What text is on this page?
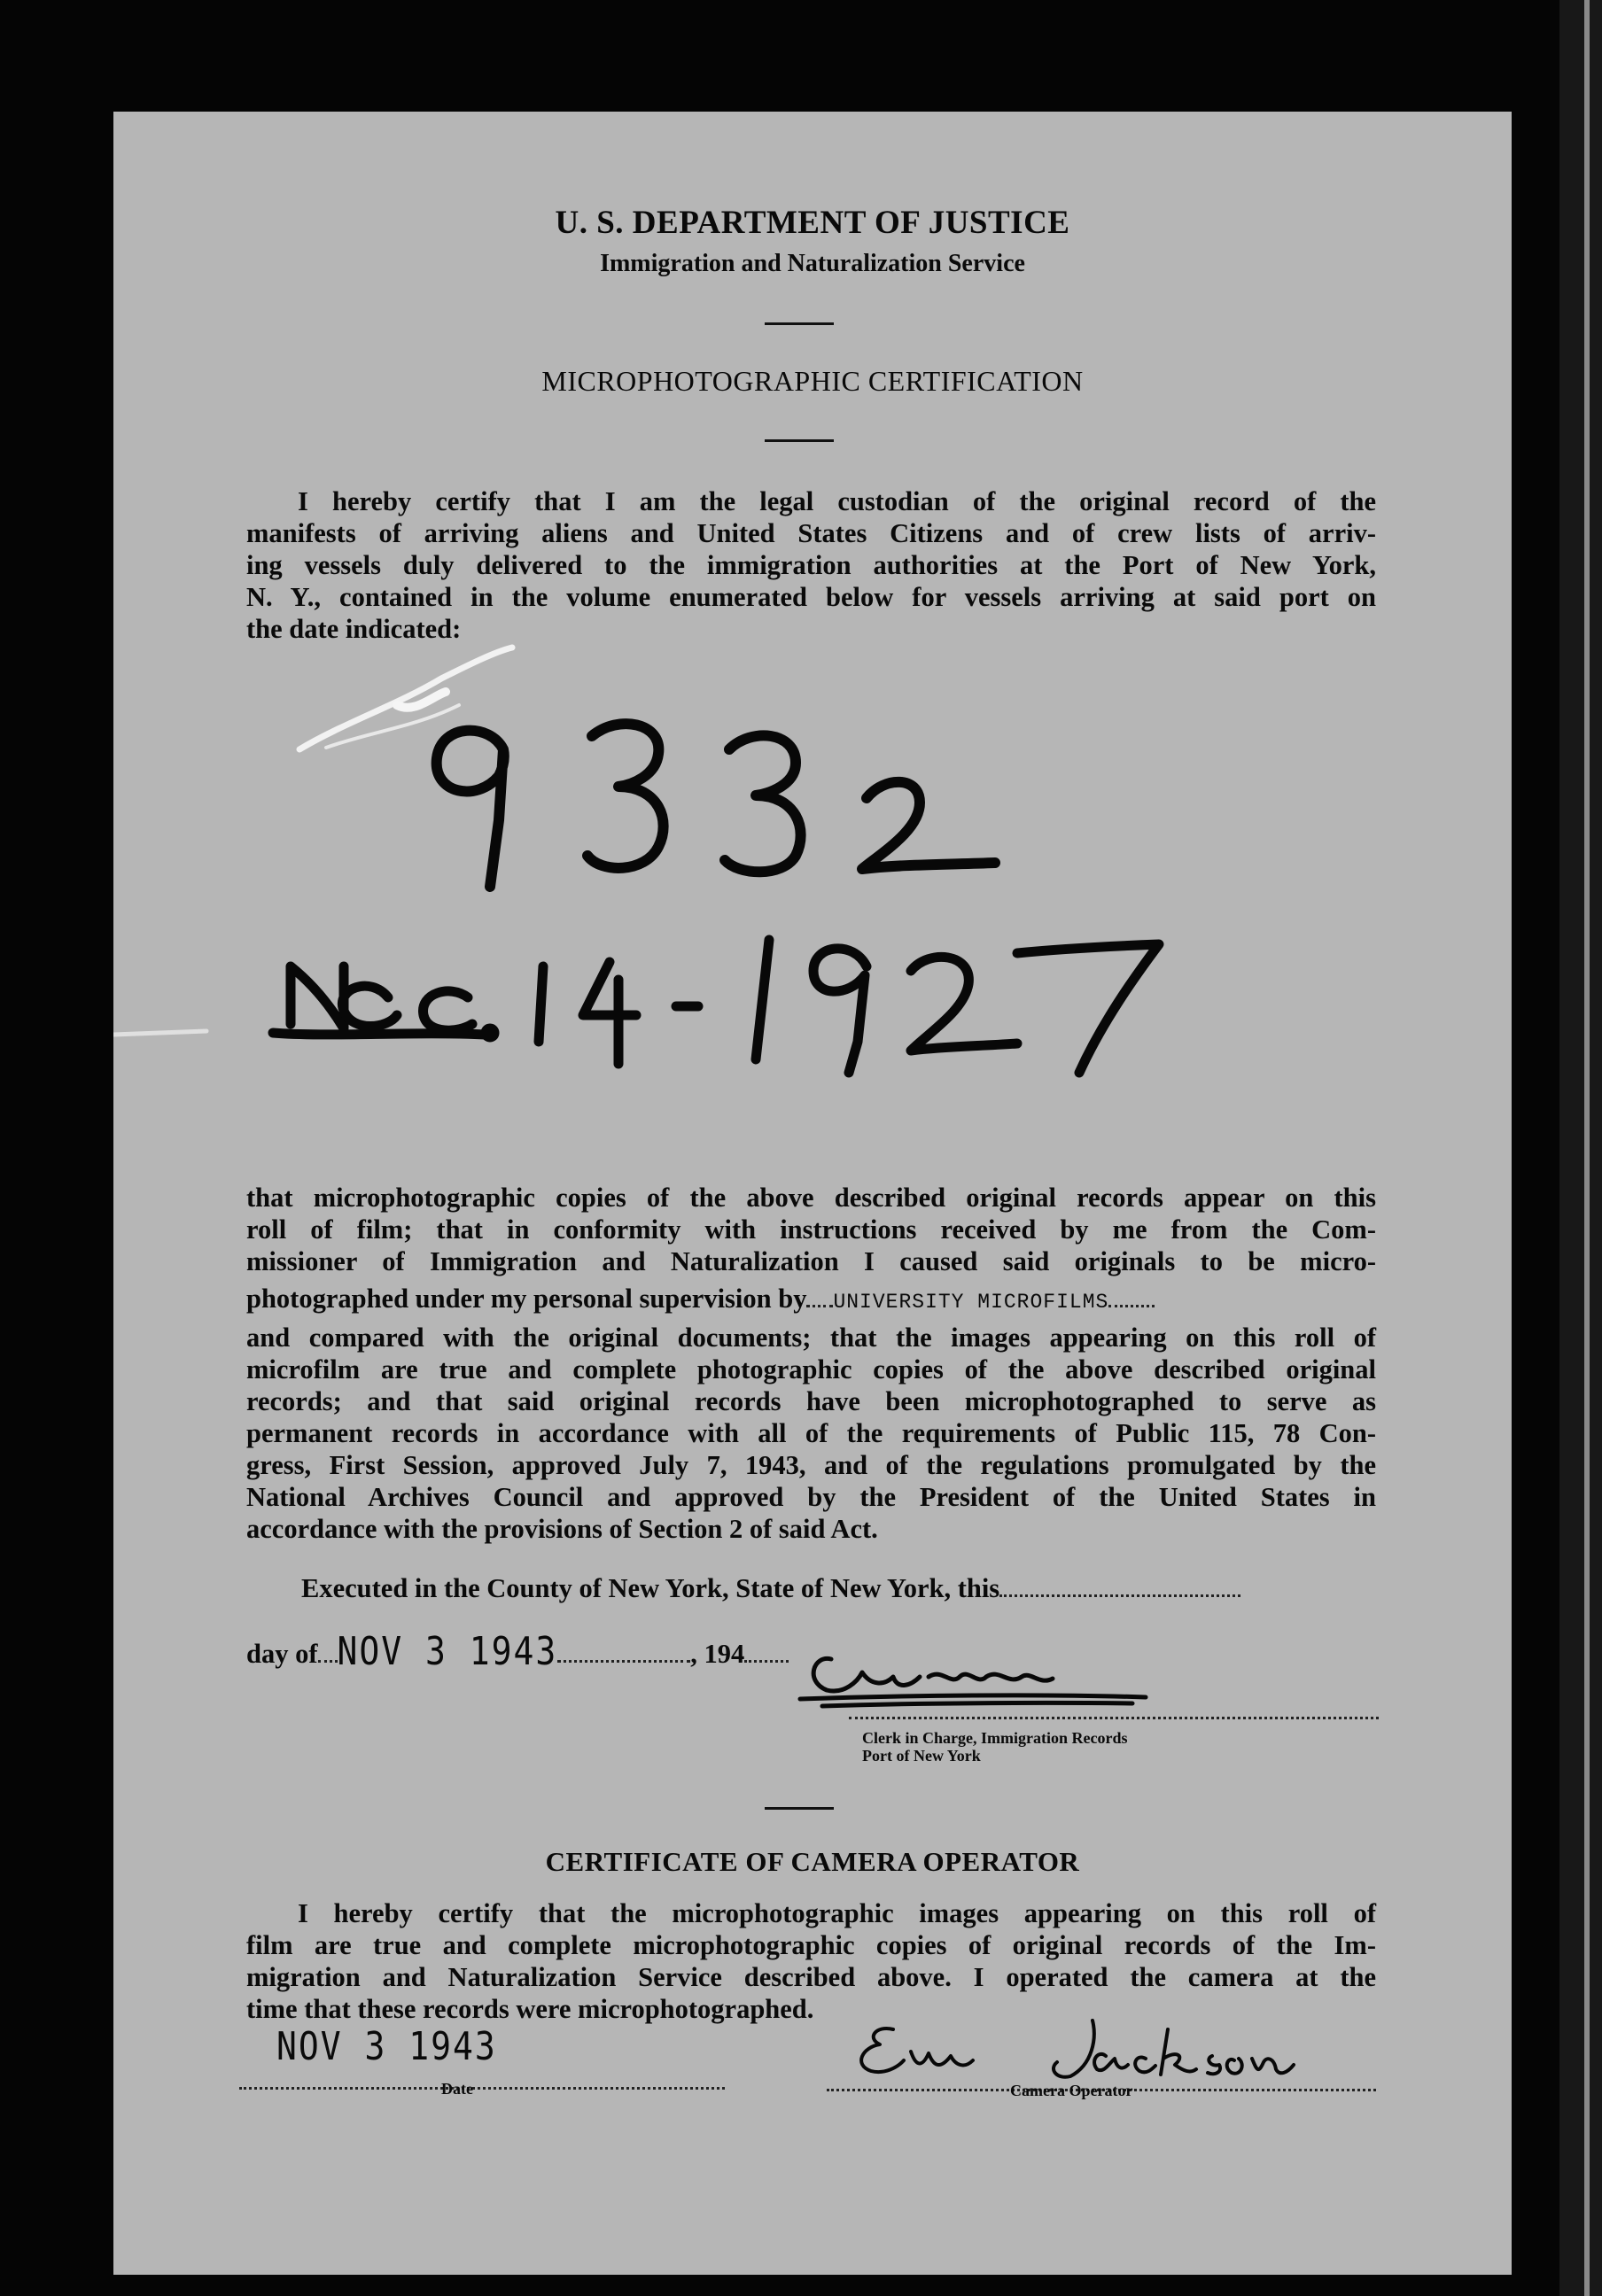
U. S. DEPARTMENT OF JUSTICE
Immigration and Naturalization Service
MICROPHOTOGRAPHIC CERTIFICATION
I hereby certify that I am the legal custodian of the original record of the
manifests of arriving aliens and United States Citizens and of crew lists of arriv-
ing vessels duly delivered to the immigration authorities at the Port of New York,
N. Y., contained in the volume enumerated below for vessels arriving at said port on
the date indicated:
that microphotographic copies of the above described original records appear on this
roll of film; that in conformity with instructions received by me from the Com-
missioner of Immigration and Naturalization I caused said originals to be micro-
photographed under my personal supervision by UNIVERSITY MICROFILMS
and compared with the original documents; that the images appearing on this roll of
microfilm are true and complete photographic copies of the above described original
records; and that said original records have been microphotographed to serve as
permanent records in accordance with all of the requirements of Public 115, 78 Con-
gress, First Session, approved July 7, 1943, and of the regulations promulgated by the
National Archives Council and approved by the President of the United States in
accordance with the provisions of Section 2 of said Act.
Executed in the County of New York, State of New York, this
day of NOV 3 1943	, 194
Clerk in Charge, Immigration Records
Port of New York
CERTIFICATE OF CAMERA OPERATOR
I hereby certify that the microphotographic images appearing on this roll of
film are true and complete microphotographic copies of original records of the Im-
migration and Naturalization Service described above. I operated the camera at the
time that these records were microphotographed.
NOV 3 1943
Date	Camera Operator
